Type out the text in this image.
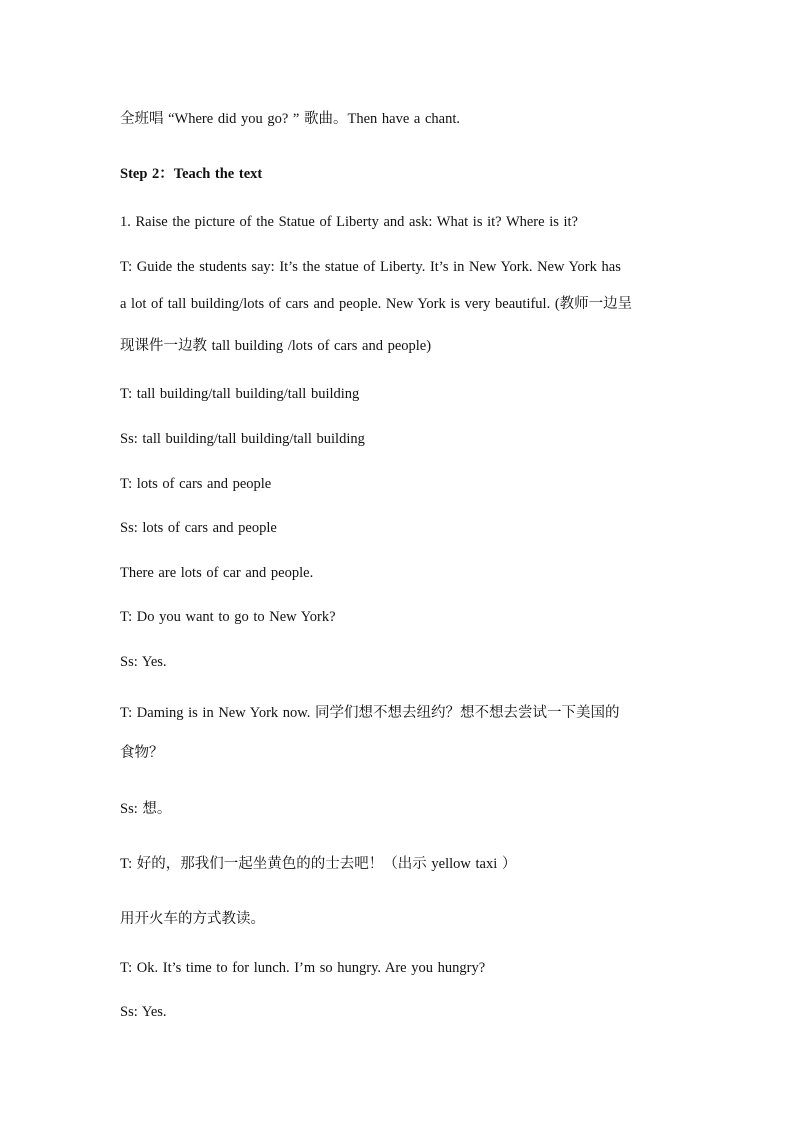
全班唱 “Where did you go? ” 歌曲。Then have a chant.
Step 2：Teach the text
1. Raise the picture of the Statue of Liberty and ask: What is it? Where is it?
T: Guide the students say: It’s the statue of Liberty. It’s in New York. New York has
a lot of tall building/lots of cars and people. New York is very beautiful. (教师一边呈
现课件一边教 tall building /lots of cars and people)
T: tall building/tall building/tall building
Ss: tall building/tall building/tall building
T: lots of cars and people
Ss: lots of cars and people
There are lots of car and people.
T: Do you want to go to New York?
Ss: Yes.
T: Daming is in New York now. 同学们想不想去纽约？想不想去尝试一下美国的
食物？
Ss: 想。
T: 好的，那我们一起坐黄色的的士去吧！（出示 yellow taxi ）
用开火车的方式教读。
T: Ok. It’s time to for lunch. I’m so hungry. Are you hungry?
Ss: Yes.
